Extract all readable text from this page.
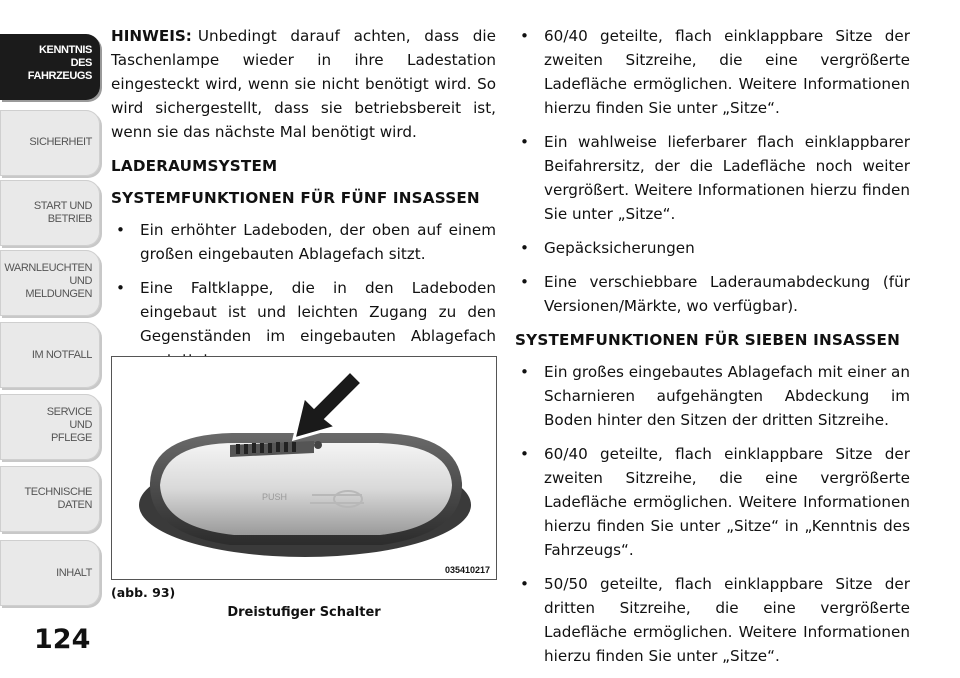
KENNTNIS
DES
FAHRZEUGS
SICHERHEIT
START UND
BETRIEB
WARNLEUCHTEN
UND
MELDUNGEN
IM NOTFALL
SERVICE
UND
PFLEGE
TECHNISCHE
DATEN
INHALT
124

HINWEIS: Unbedingt darauf achten, dass die Taschenlampe wieder in ihre Ladestation eingesteckt wird, wenn sie nicht benötigt wird. So wird sichergestellt, dass sie betriebsbereit ist, wenn sie das nächste Mal benötigt wird.

LADERAUMSYSTEM

SYSTEMFUNKTIONEN FÜR FÜNF INSASSEN

• Ein erhöhter Ladeboden, der oben auf einem großen eingebauten Ablagefach sitzt.
• Eine Faltklappe, die in den Ladeboden eingebaut ist und leichten Zugang zu den Gegenständen im eingebauten Ablagefach
PUSH
035410217
(abb. 93)
Dreistufiger Schalter
• 60/40 geteilte, flach einklappbare Sitze der zweiten Sitzreihe, die eine vergrößerte Ladefläche ermöglichen. Weitere Informationen hierzu finden Sie unter „Sitze“.
• Ein wahlweise lieferbarer flach einklappbarer Beifahrersitz, der die Ladefläche noch weiter vergrößert. Weitere Informationen hierzu finden Sie unter „Sitze“.
• Gepäcksicherungen
• Eine verschiebbare Laderaumabdeckung (für Versionen/Märkte, wo verfügbar).

SYSTEMFUNKTIONEN FÜR SIEBEN INSASSEN

• Ein großes eingebautes Ablagefach mit einer an Scharnieren aufgehängten Abdeckung im Boden hinter den Sitzen der dritten Sitzreihe.
• 60/40 geteilte, flach einklappbare Sitze der zweiten Sitzreihe, die eine vergrößerte Ladefläche ermöglichen. Weitere Informationen hierzu finden Sie unter „Sitze“ in „Kenntnis des Fahrzeugs“.
• 50/50 geteilte, flach einklappbare Sitze der dritten Sitzreihe, die eine vergrößerte Ladefläche ermöglichen. Weitere Informationen hierzu finden Sie unter „Sitze“.
